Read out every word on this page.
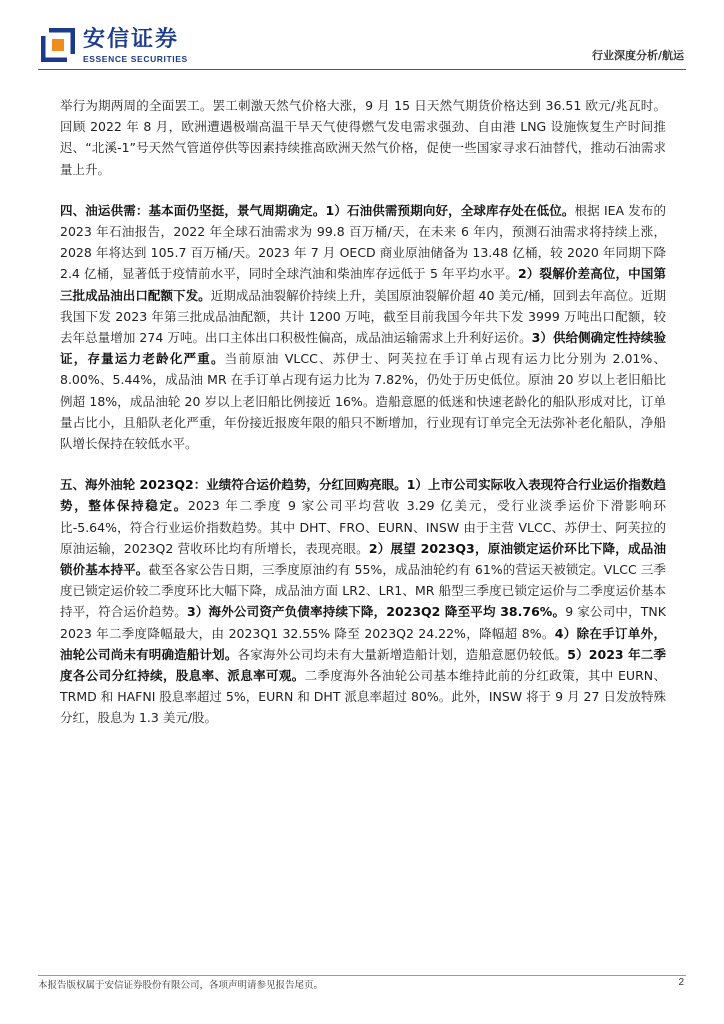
安信证券
ESSENCE SECURITIES	行业深度分析/航运

举行为期两周的全面罢工。罢工刺激天然气价格大涨，9 月 15 日天然气期货价格达到 36.51 欧元/兆瓦时。回顾 2022 年 8 月，欧洲遭遇极端高温干旱天气使得燃气发电需求强劲、自由港 LNG 设施恢复生产时间推迟、“北溪-1”号天然气管道停供等因素持续推高欧洲天然气价格，促使一些国家寻求石油替代，推动石油需求量上升。

四、油运供需：基本面仍坚挺，景气周期确定。1）石油供需预期向好，全球库存处在低位。根据 IEA 发布的 2023 年石油报告，2022 年全球石油需求为 99.8 百万桶/天，在未来 6 年内，预测石油需求将持续上涨，2028 年将达到 105.7 百万桶/天。2023 年 7 月 OECD 商业原油储备为 13.48 亿桶，较 2020 年同期下降 2.4 亿桶，显著低于疫情前水平，同时全球汽油和柴油库存远低于 5 年平均水平。2）裂解价差高位，中国第三批成品油出口配额下发。近期成品油裂解价持续上升，美国原油裂解价超 40 美元/桶，回到去年高位。近期我国下发 2023 年第三批成品油配额，共计 1200 万吨，截至目前我国今年共下发 3999 万吨出口配额，较去年总量增加 274 万吨。出口主体出口积极性偏高，成品油运输需求上升利好运价。3）供给侧确定性持续验证，存量运力老龄化严重。当前原油 VLCC、苏伊士、阿芙拉在手订单占现有运力比分别为 2.01%、8.00%、5.44%，成品油 MR 在手订单占现有运力比为 7.82%，仍处于历史低位。原油 20 岁以上老旧船比例超 18%，成品油轮 20 岁以上老旧船比例接近 16%。造船意愿的低迷和快速老龄化的船队形成对比，订单量占比小，且船队老化严重，年份接近报废年限的船只不断增加，行业现有订单完全无法弥补老化船队，净船队增长保持在较低水平。

五、海外油轮 2023Q2：业绩符合运价趋势，分红回购亮眼。1）上市公司实际收入表现符合行业运价指数趋势，整体保持稳定。2023 年二季度 9 家公司平均营收 3.29 亿美元，受行业淡季运价下滑影响环比-5.64%，符合行业运价指数趋势。其中 DHT、FRO、EURN、INSW 由于主营 VLCC、苏伊士、阿芙拉的原油运输，2023Q2 营收环比均有所增长，表现亮眼。2）展望 2023Q3，原油锁定运价环比下降，成品油锁价基本持平。截至各家公告日期，三季度原油约有 55%，成品油轮约有 61%的营运天被锁定。VLCC 三季度已锁定运价较二季度环比大幅下降，成品油方面 LR2、LR1、MR 船型三季度已锁定运价与二季度运价基本持平，符合运价趋势。3）海外公司资产负债率持续下降，2023Q2 降至平均 38.76%。9 家公司中，TNK 2023 年二季度降幅最大，由 2023Q1 32.55% 降至 2023Q2 24.22%，降幅超 8%。4）除在手订单外，油轮公司尚未有明确造船计划。各家海外公司均未有大量新增造船计划，造船意愿仍较低。5）2023 年二季度各公司分红持续，股息率、派息率可观。二季度海外各油轮公司基本维持此前的分红政策，其中 EURN、TRMD 和 HAFNI 股息率超过 5%，EURN 和 DHT 派息率超过 80%。此外，INSW 将于 9 月 27 日发放特殊分红，股息为 1.3 美元/股。

本报告版权属于安信证券股份有限公司，各项声明请参见报告尾页。	2
